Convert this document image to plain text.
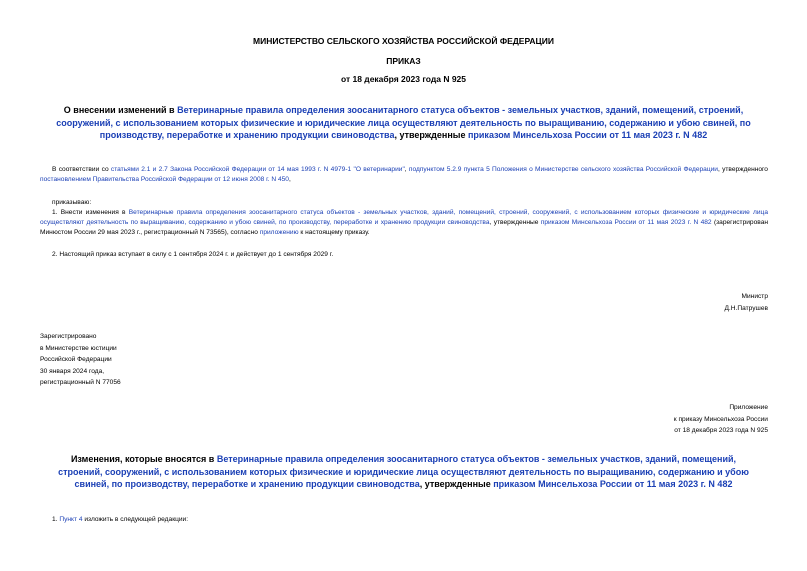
МИНИСТЕРСТВО СЕЛЬСКОГО ХОЗЯЙСТВА РОССИЙСКОЙ ФЕДЕРАЦИИ
ПРИКАЗ
от 18 декабря 2023 года N 925
О внесении изменений в Ветеринарные правила определения зоосанитарного статуса объектов - земельных участков, зданий, помещений, строений, сооружений, с использованием которых физические и юридические лица осуществляют деятельность по выращиванию, содержанию и убою свиней, по производству, переработке и хранению продукции свиноводства, утвержденные приказом Минсельхоза России от 11 мая 2023 г. N 482
В соответствии со статьями 2.1 и 2.7 Закона Российской Федерации от 14 мая 1993 г. N 4979-1 "О ветеринарии", подпунктом 5.2.9 пункта 5 Положения о Министерстве сельского хозяйства Российской Федерации, утвержденного постановлением Правительства Российской Федерации от 12 июня 2008 г. N 450,
приказываю:
1. Внести изменения в Ветеринарные правила определения зоосанитарного статуса объектов - земельных участков, зданий, помещений, строений, сооружений, с использованием которых физические и юридические лица осуществляют деятельность по выращиванию, содержанию и убою свиней, по производству, переработке и хранению продукции свиноводства, утвержденные приказом Минсельхоза России от 11 мая 2023 г. N 482 (зарегистрирован Минюстом России 29 мая 2023 г., регистрационный N 73565), согласно приложению к настоящему приказу.
2. Настоящий приказ вступает в силу с 1 сентября 2024 г. и действует до 1 сентября 2029 г.
Министр
Д.Н.Патрушев
Зарегистрировано
в Министерстве юстиции
Российской Федерации
30 января 2024 года,
регистрационный N 77056
Приложение
к приказу Минсельхоза России
от 18 декабря 2023 года N 925
Изменения, которые вносятся в Ветеринарные правила определения зоосанитарного статуса объектов - земельных участков, зданий, помещений, строений, сооружений, с использованием которых физические и юридические лица осуществляют деятельность по выращиванию, содержанию и убою свиней, по производству, переработке и хранению продукции свиноводства, утвержденные приказом Минсельхоза России от 11 мая 2023 г. N 482
1. Пункт 4 изложить в следующей редакции:
